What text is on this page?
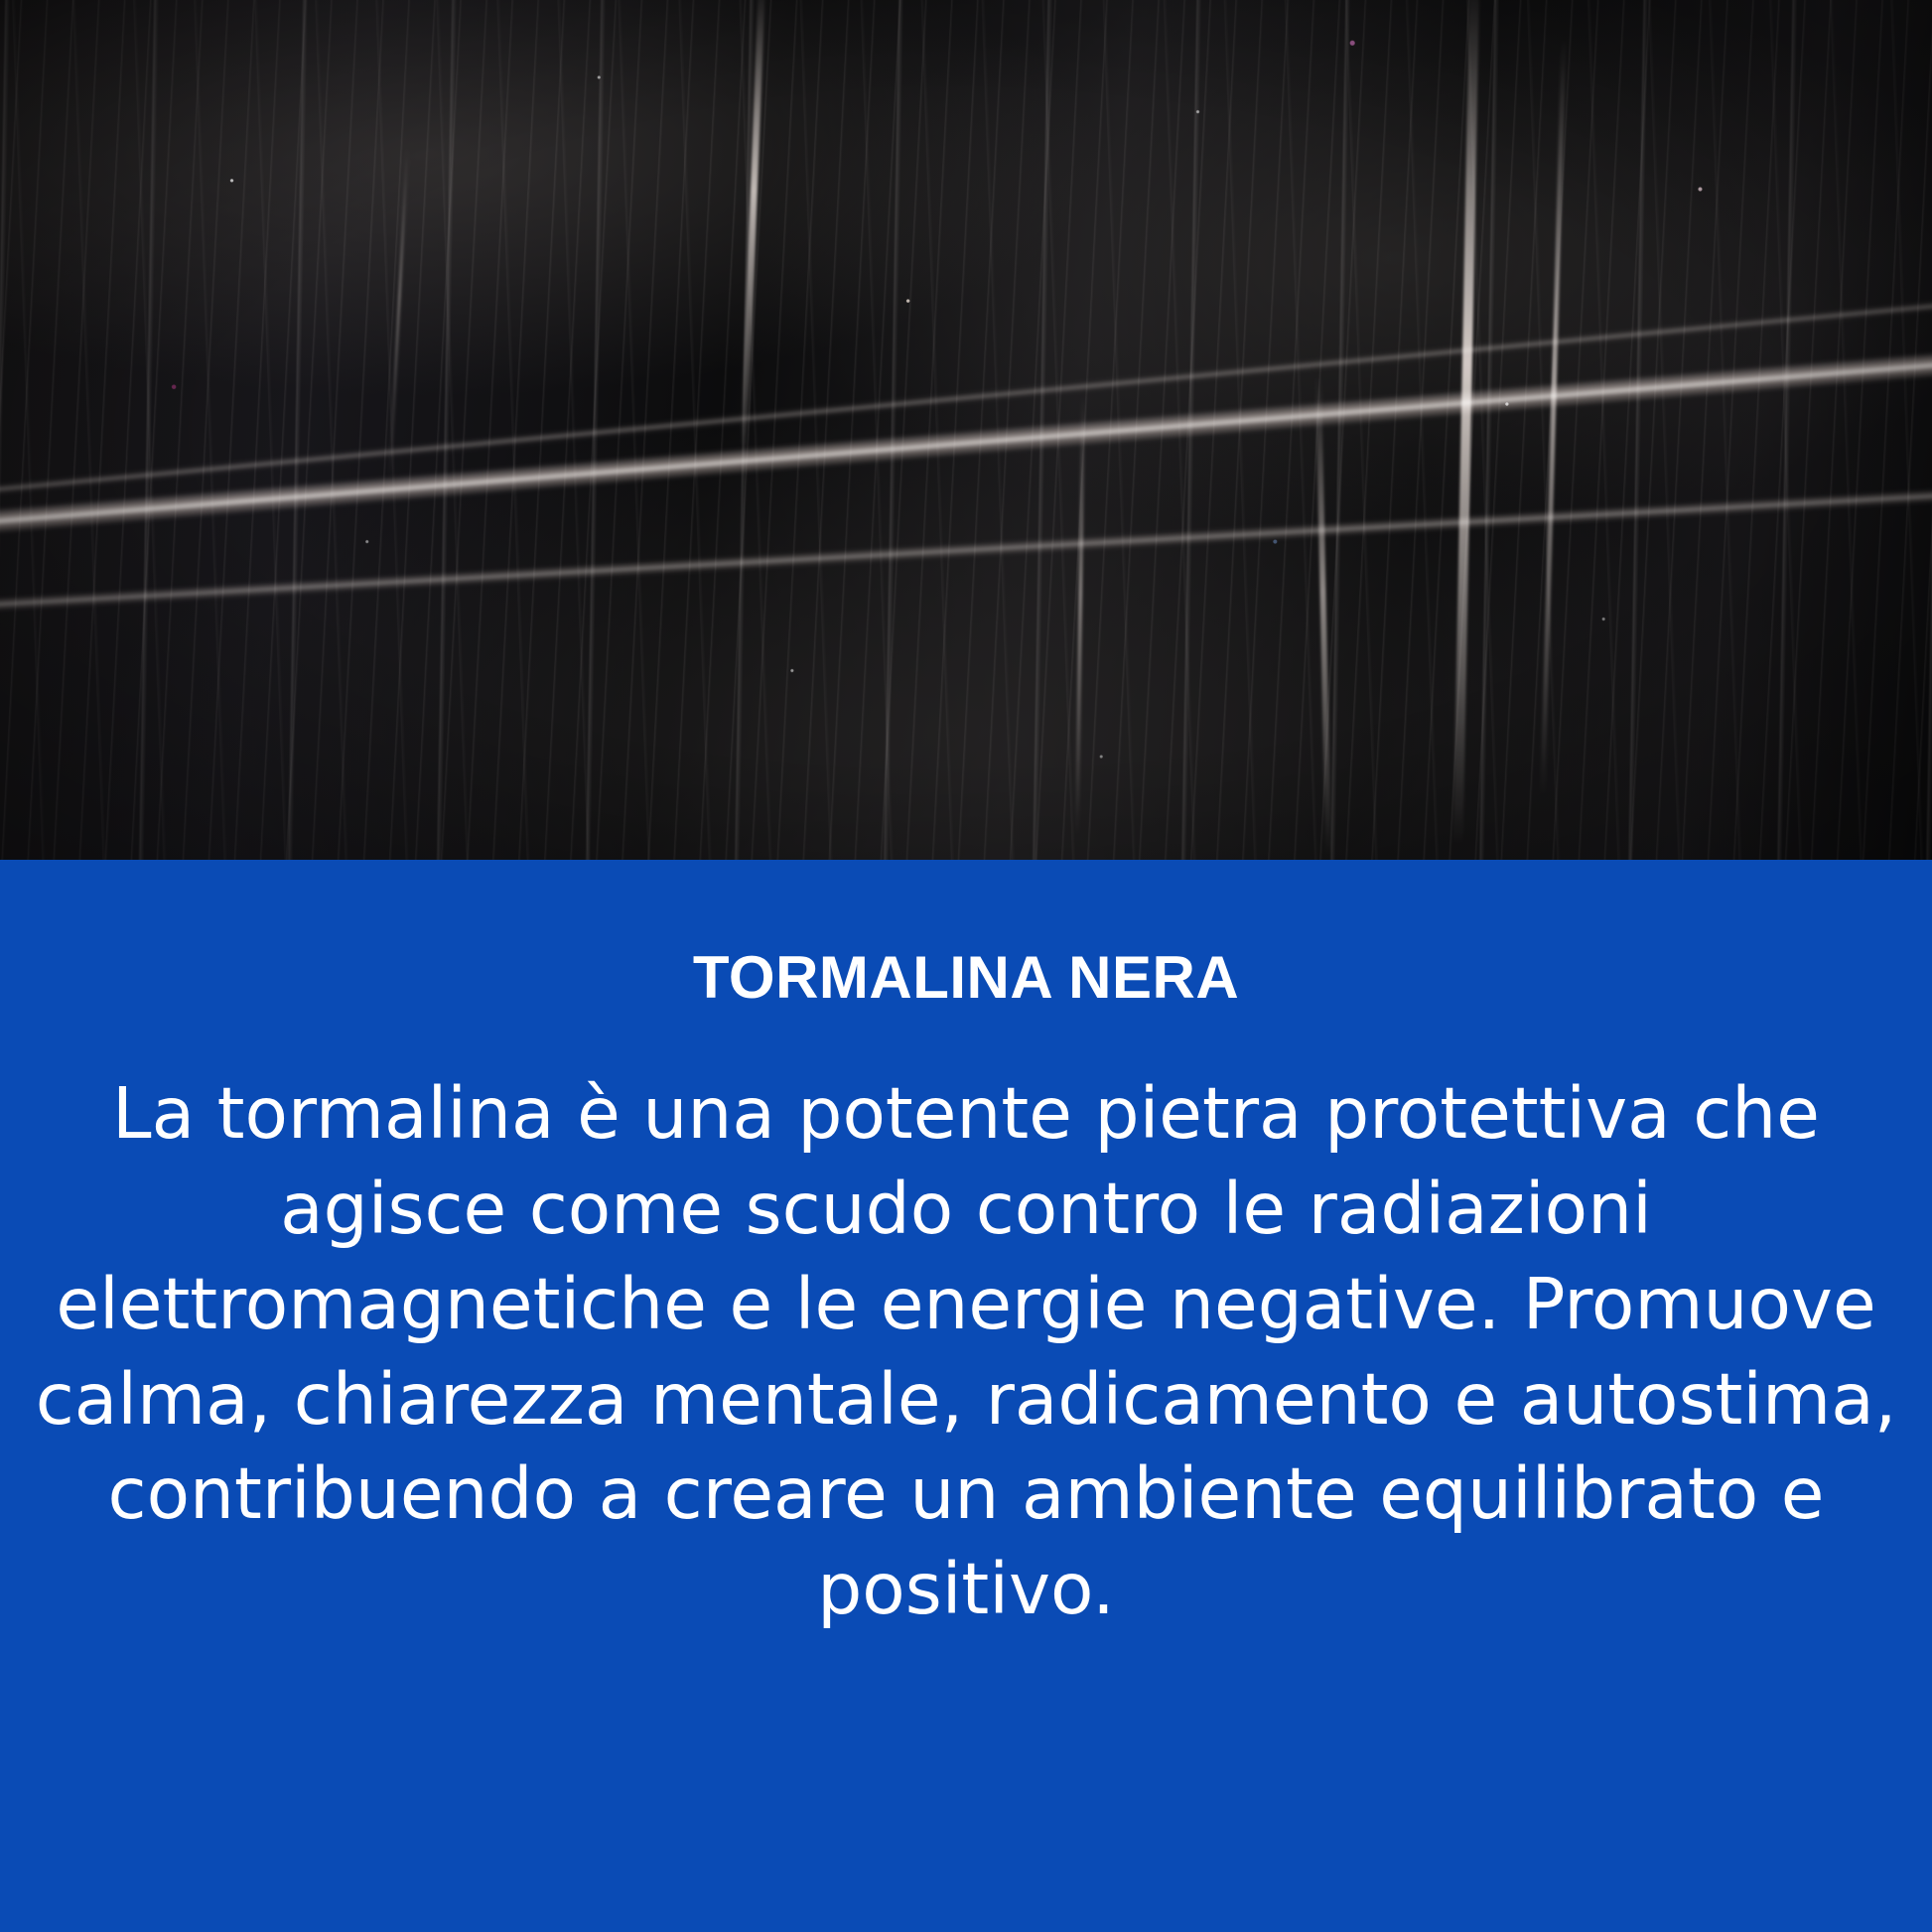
TORMALINA NERA

La tormalina è una potente pietra protettiva che agisce come scudo contro le radiazioni elettromagnetiche e le energie negative. Promuove calma, chiarezza mentale, radicamento e autostima, contribuendo a creare un ambiente equilibrato e positivo.
